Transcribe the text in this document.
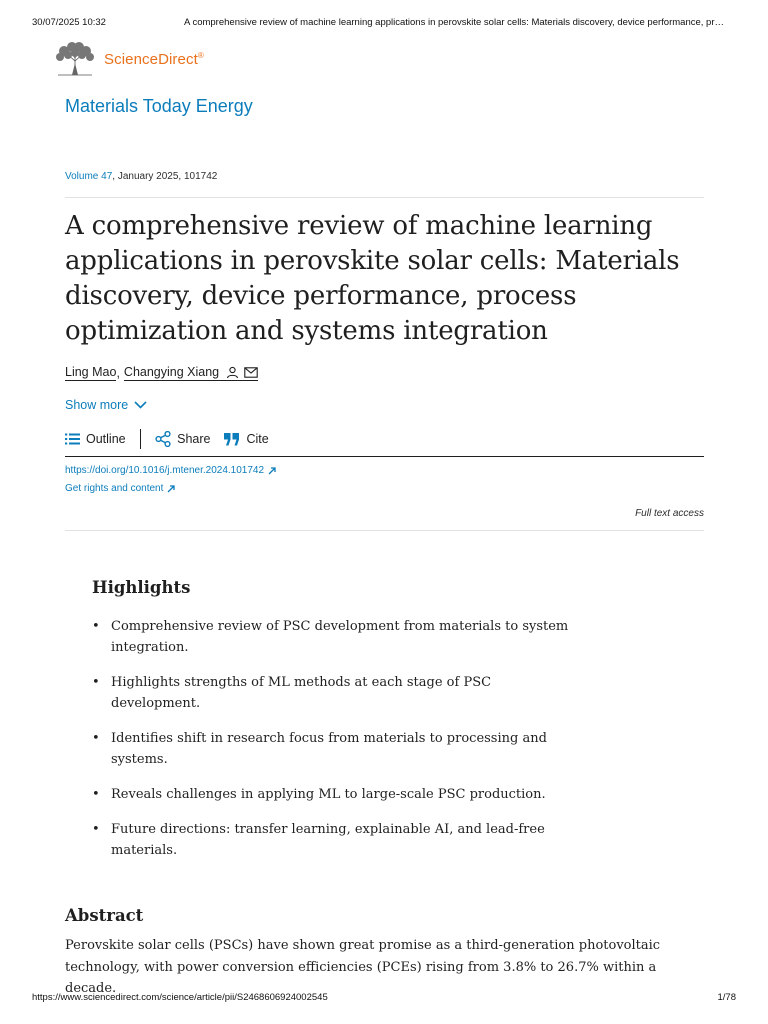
30/07/2025 10:32	A comprehensive review of machine learning applications in perovskite solar cells: Materials discovery, device performance, pr…
ScienceDirect®
Materials Today Energy
Volume 47, January 2025, 101742
A comprehensive review of machine learning applications in perovskite solar cells: Materials discovery, device performance, process optimization and systems integration
Ling Mao , Changying Xiang
Show more
Outline	Share	Cite
https://doi.org/10.1016/j.mtener.2024.101742
Get rights and content
Full text access
Highlights
• Comprehensive review of PSC development from materials to system integration.
• Highlights strengths of ML methods at each stage of PSC development.
• Identifies shift in research focus from materials to processing and systems.
• Reveals challenges in applying ML to large-scale PSC production.
• Future directions: transfer learning, explainable AI, and lead-free materials.
Abstract

Perovskite solar cells (PSCs) have shown great promise as a third-generation photovoltaic technology, with power conversion efficiencies (PCEs) rising from 3.8% to 26.7% within a decade.

https://www.sciencedirect.com/science/article/pii/S2468606924002545	1/78
